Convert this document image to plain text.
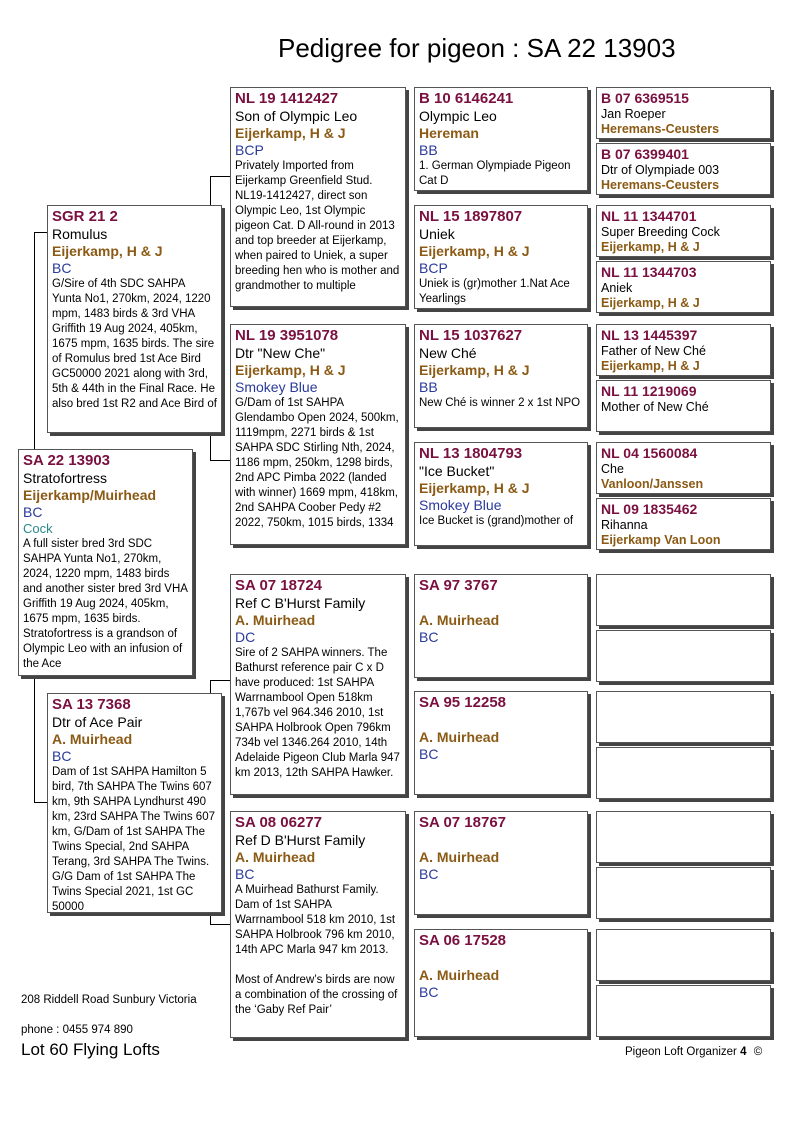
Pedigree for pigeon : SA 22 13903
SA 22 13903
Stratofortress
Eijerkamp/Muirhead
BC
Cock
A full sister bred 3rd SDC SAHPA Yunta No1, 270km, 2024, 1220 mpm, 1483 birds and another sister bred 3rd VHA Griffith 19 Aug 2024, 405km, 1675 mpm, 1635 birds. Stratofortress is a grandson of Olympic Leo with an infusion of the Ace
SGR 21 2
Romulus
Eijerkamp, H & J
BC
G/Sire of 4th SDC SAHPA Yunta No1, 270km, 2024, 1220 mpm, 1483 birds & 3rd VHA Griffith 19 Aug 2024, 405km, 1675 mpm, 1635 birds. The sire of Romulus bred 1st Ace Bird GC50000 2021 along with 3rd, 5th & 44th in the Final Race. He also bred 1st R2 and Ace Bird of
SA 13 7368
Dtr of Ace Pair
A. Muirhead
BC
Dam of 1st SAHPA Hamilton 5 bird, 7th SAHPA The Twins 607 km, 9th SAHPA Lyndhurst 490 km, 23rd SAHPA The Twins 607 km, G/Dam of 1st SAHPA The Twins Special, 2nd SAHPA Terang, 3rd SAHPA The Twins. G/G Dam of 1st SAHPA The Twins Special 2021, 1st GC 50000
NL 19 1412427
Son of Olympic Leo
Eijerkamp, H & J
BCP
Privately Imported from Eijerkamp Greenfield Stud. NL19-1412427, direct son Olympic Leo, 1st Olympic pigeon Cat. D All-round in 2013 and top breeder at Eijerkamp, when paired to Uniek, a super breeding hen who is mother and grandmother to multiple
NL 19 3951078
Dtr "New Che"
Eijerkamp, H & J
Smokey Blue
G/Dam of 1st SAHPA Glendambo Open 2024, 500km, 1119mpm, 2271 birds & 1st SAHPA SDC Stirling Nth, 2024, 1186 mpm, 250km, 1298 birds, 2nd APC Pimba 2022 (landed with winner) 1669 mpm, 418km, 2nd SAHPA Coober Pedy #2 2022, 750km, 1015 birds, 1334
SA 07 18724
Ref C B'Hurst Family
A. Muirhead
DC
Sire of 2 SAHPA winners. The Bathurst reference pair C x D have produced: 1st SAHPA Warrnambool Open 518km 1,767b vel 964.346 2010, 1st SAHPA Holbrook Open 796km 734b vel 1346.264 2010, 14th Adelaide Pigeon Club Marla 947 km 2013, 12th SAHPA Hawker.
SA 08 06277
Ref D B'Hurst Family
A. Muirhead
BC
A Muirhead Bathurst Family. Dam of 1st SAHPA Warrnambool 518 km 2010, 1st SAHPA Holbrook 796 km 2010, 14th APC Marla 947 km 2013.
Most of Andrew’s birds are now a combination of the crossing of the ‘Gaby Ref Pair’
B 10 6146241
Olympic Leo
Hereman
BB
1. German Olympiade Pigeon Cat D
NL 15 1897807
Uniek
Eijerkamp, H & J
BCP
Uniek is (gr)mother 1.Nat Ace Yearlings
NL 15 1037627
New Ché
Eijerkamp, H & J
BB
New Ché is winner 2 x 1st NPO
NL 13 1804793
"Ice Bucket"
Eijerkamp, H & J
Smokey Blue
Ice Bucket is (grand)mother of
SA 97 3767
A. Muirhead
BC
SA 95 12258
A. Muirhead
BC
SA 07 18767
A. Muirhead
BC
SA 06 17528
A. Muirhead
BC
B 07 6369515
Jan Roeper
Heremans-Ceusters
B 07 6399401
Dtr of Olympiade 003
Heremans-Ceusters
NL 11 1344701
Super Breeding Cock
Eijerkamp, H & J
NL 11 1344703
Aniek
Eijerkamp, H & J
NL 13 1445397
Father of New Ché
Eijerkamp, H & J
NL 11 1219069
Mother of New Ché
NL 04 1560084
Che
Vanloon/Janssen
NL 09 1835462
Rihanna
Eijerkamp Van Loon
208 Riddell Road Sunbury Victoria
phone : 0455 974 890
Lot 60 Flying Lofts	Pigeon Loft Organizer 4 ©
